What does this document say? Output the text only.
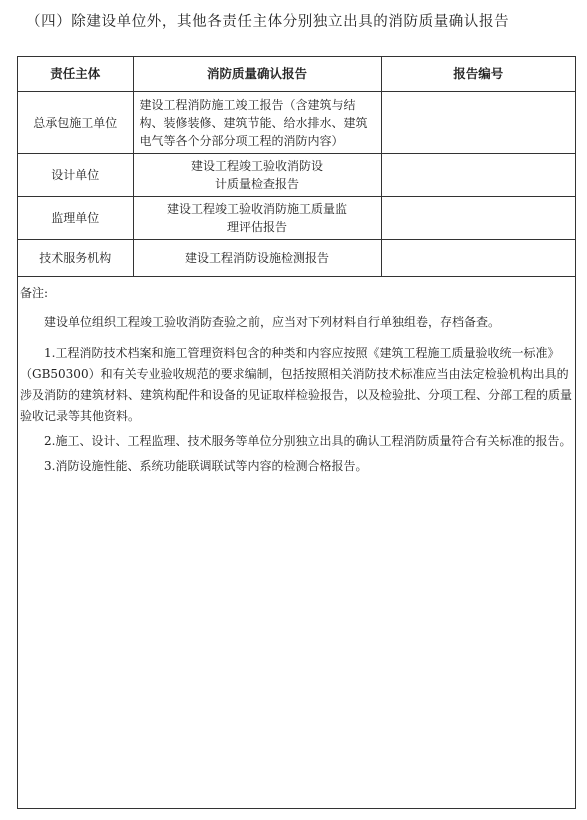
（四）除建设单位外，其他各责任主体分别独立出具的消防质量确认报告
责任主体	消防质量确认报告	报告编号
总承包施工单位	建设工程消防施工竣工报告（含建筑与结构、装修装修、建筑节能、给水排水、建筑电气等各个分部分项工程的消防内容）	
设计单位	建设工程竣工验收消防设计质量检查报告	
监理单位	建设工程竣工验收消防施工质量监理评估报告	
技术服务机构	建设工程消防设施检测报告	

备注:

建设单位组织工程竣工验收消防查验之前，应当对下列材料自行单独组卷，存档备查。

1.工程消防技术档案和施工管理资料包含的种类和内容应按照《建筑工程施工质量验收统一标准》（GB50300）和有关专业验收规范的要求编制，包括按照相关消防技术标准应当由法定检验机构出具的涉及消防的建筑材料、建筑构配件和设备的见证取样检验报告，以及检验批、分项工程、分部工程的质量验收记录等其他资料。

2.施工、设计、工程监理、技术服务等单位分别独立出具的确认工程消防质量符合有关标准的报告。

3.消防设施性能、系统功能联调联试等内容的检测合格报告。
